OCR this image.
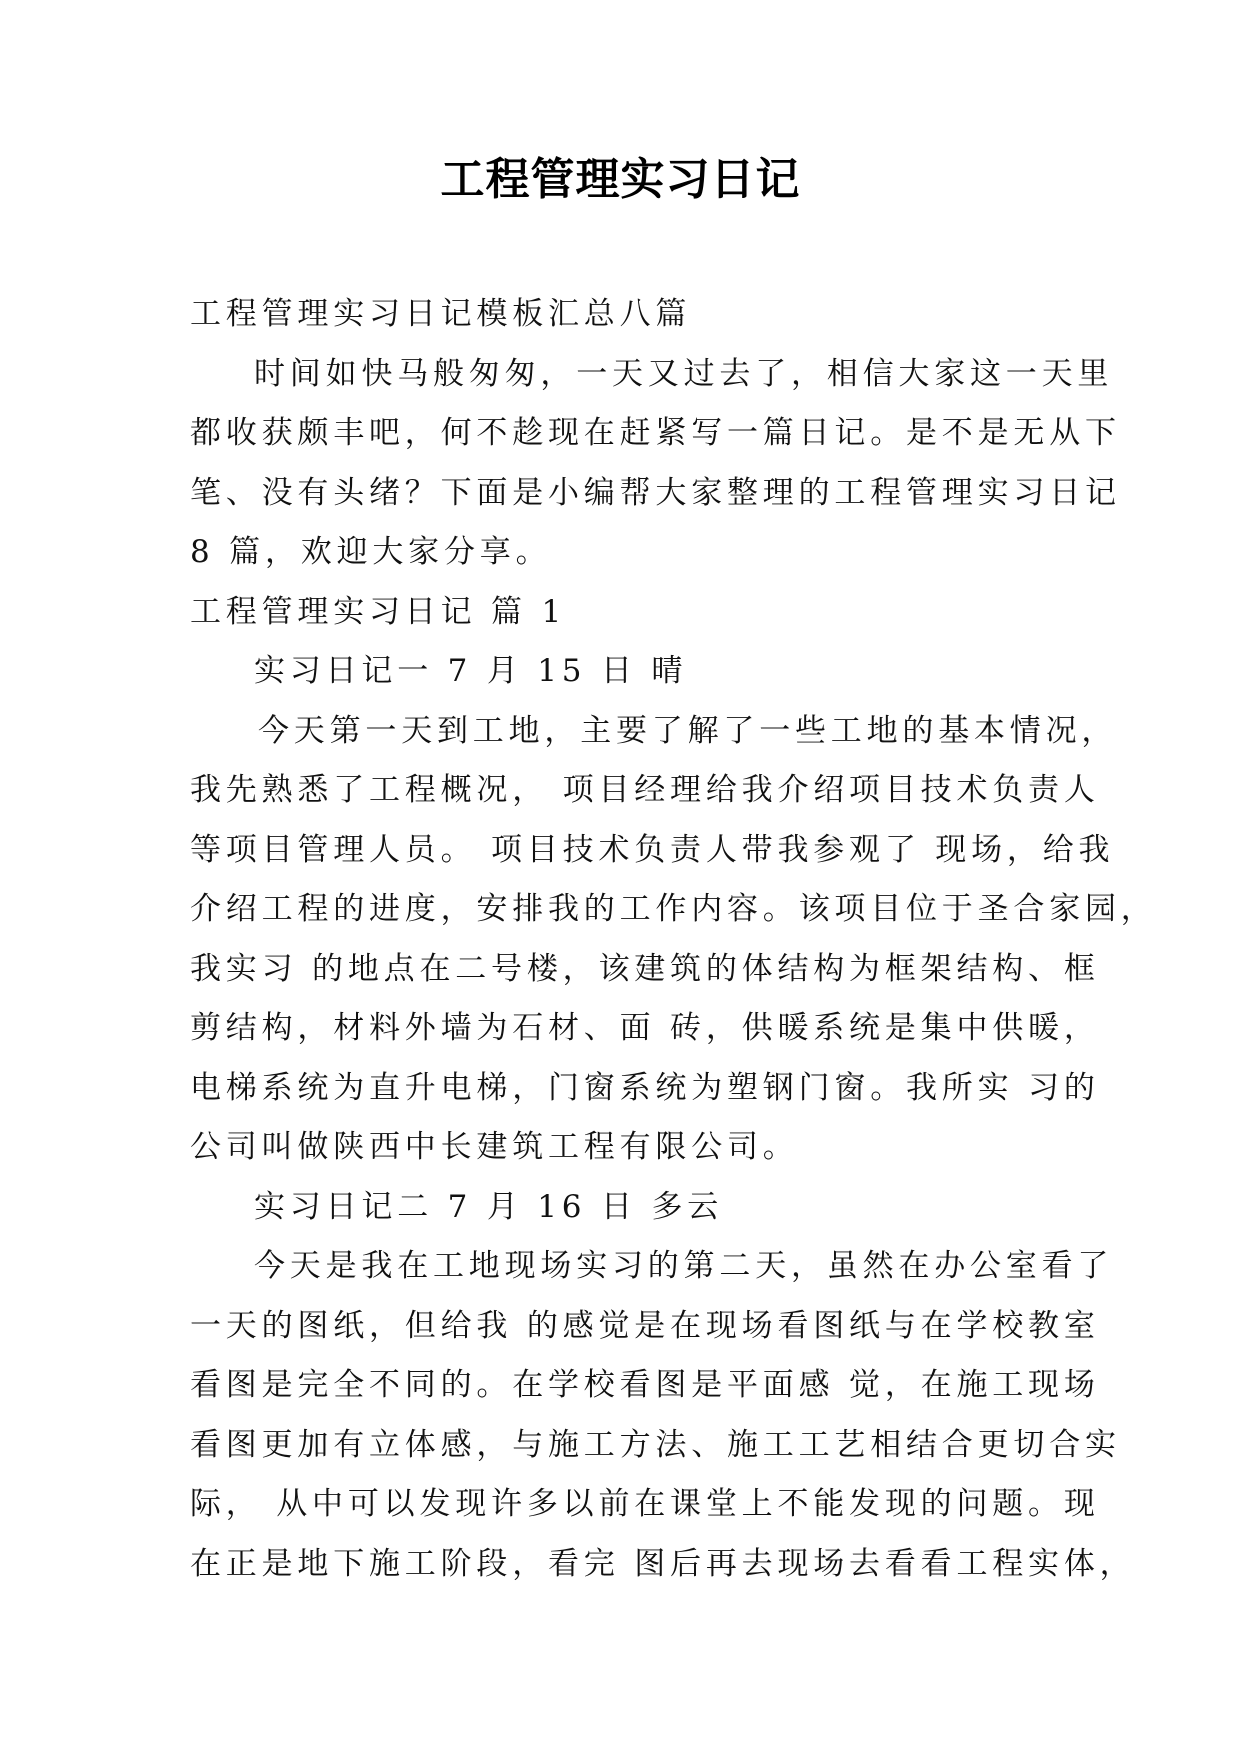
工程管理实习日记
工程管理实习日记模板汇总八篇
时间如快马般匆匆，一天又过去了，相信大家这一天里
都收获颇丰吧，何不趁现在赶紧写一篇日记。是不是无从下
笔、没有头绪？下面是小编帮大家整理的工程管理实习日记
8 篇，欢迎大家分享。
工程管理实习日记 篇 1
实习日记一 7 月 15 日 晴
今天第一天到工地，主要了解了一些工地的基本情况，
我先熟悉了工程概况， 项目经理给我介绍项目技术负责人
等项目管理人员。 项目技术负责人带我参观了 现场，给我
介绍工程的进度，安排我的工作内容。该项目位于圣合家园，
我实习 的地点在二号楼，该建筑的体结构为框架结构、框
剪结构，材料外墙为石材、面 砖，供暖系统是集中供暖，
电梯系统为直升电梯，门窗系统为塑钢门窗。我所实 习的
公司叫做陕西中长建筑工程有限公司。
实习日记二 7 月 16 日 多云
今天是我在工地现场实习的第二天，虽然在办公室看了
一天的图纸，但给我 的感觉是在现场看图纸与在学校教室
看图是完全不同的。在学校看图是平面感 觉，在施工现场
看图更加有立体感，与施工方法、施工工艺相结合更切合实
际， 从中可以发现许多以前在课堂上不能发现的问题。现
在正是地下施工阶段，看完 图后再去现场去看看工程实体，
